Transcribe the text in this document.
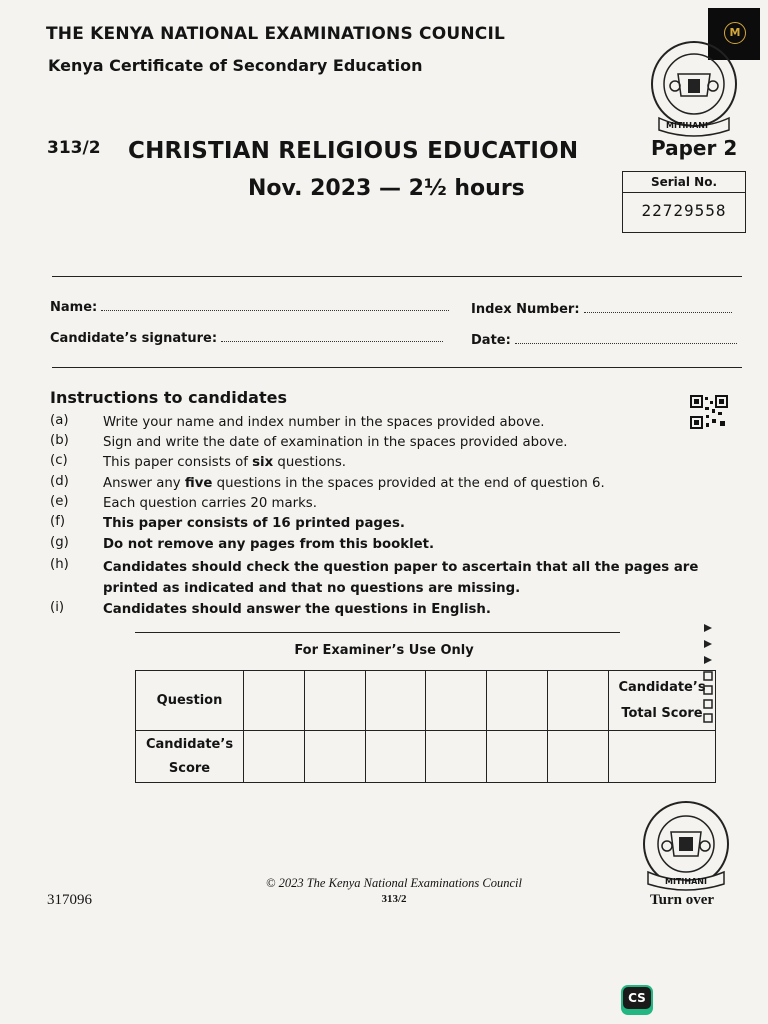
THE KENYA NATIONAL EXAMINATIONS COUNCIL
Kenya Certificate of Secondary Education
M
MITIHANI
313/2 CHRISTIAN RELIGIOUS EDUCATION	Paper 2
Nov. 2023 — 2½ hours	Serial No.
22729558
Name:	Index Number:
Candidate’s signature:	Date:
Instructions to candidates
(a)	Write your name and index number in the spaces provided above.
(b)	Sign and write the date of examination in the spaces provided above.
(c)	This paper consists of six questions.
(d)	Answer any five questions in the spaces provided at the end of question 6.
(e)	Each question carries 20 marks.
(f)	This paper consists of 16 printed pages.
(g)	Do not remove any pages from this booklet.
(h)	Candidates should check the question paper to ascertain that all the pages are printed as indicated and that no questions are missing.
(i)	Candidates should answer the questions in English.
For Examiner’s Use Only
Question							Candidate’s Total Score
Candidate’s Score							
MITIHANI
© 2023 The Kenya National Examinations Council
313/2
317096	Turn over
CS
